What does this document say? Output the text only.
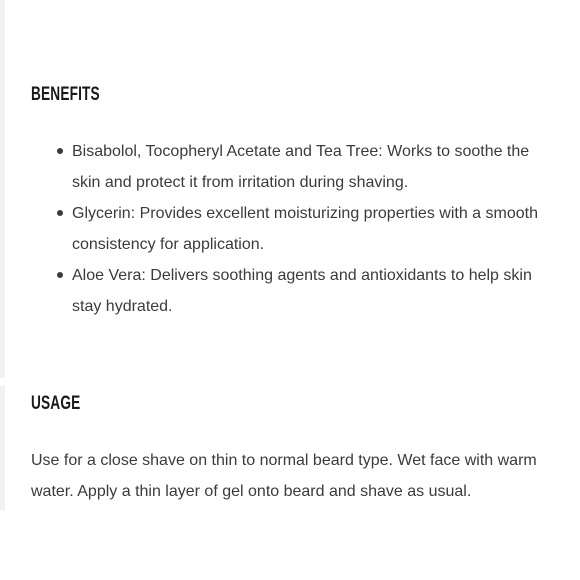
BENEFITS
Bisabolol, Tocopheryl Acetate and Tea Tree: Works to soothe the skin and protect it from irritation during shaving.
Glycerin: Provides excellent moisturizing properties with a smooth consistency for application.
Aloe Vera: Delivers soothing agents and antioxidants to help skin stay hydrated.
USAGE

Use for a close shave on thin to normal beard type. Wet face with warm water. Apply a thin layer of gel onto beard and shave as usual.
